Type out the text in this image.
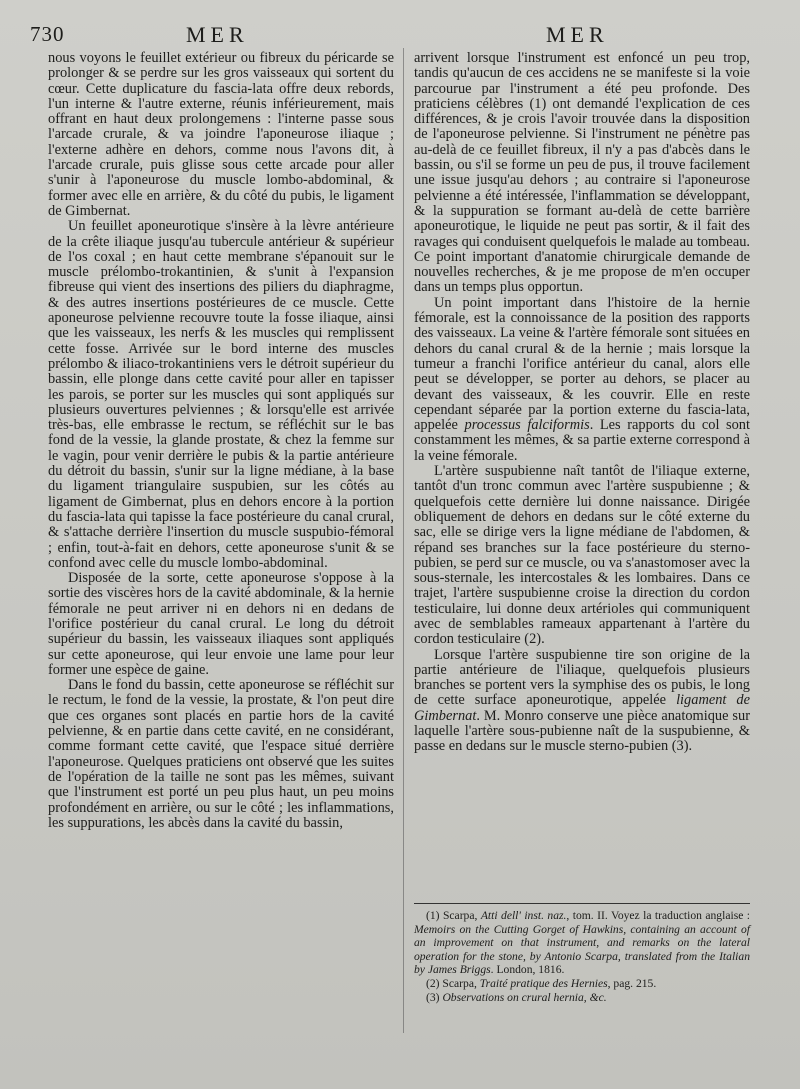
730	MER	MER

nous voyons le feuillet extérieur ou fibreux du péricarde se prolonger & se perdre sur les gros vaisseaux qui sortent du cœur. Cette duplicature du fascia-lata offre deux rebords, l'un interne & l'autre externe, réunis inférieurement, mais offrant en haut deux prolongemens : l'interne passe sous l'arcade crurale, & va joindre l'aponeurose iliaque ; l'externe adhère en dehors, comme nous l'avons dit, à l'arcade crurale, puis glisse sous cette arcade pour aller s'unir à l'aponeurose du muscle lombo-abdominal, & former avec elle en arrière, & du côté du pubis, le ligament de Gimbernat.

Un feuillet aponeurotique s'insère à la lèvre antérieure de la crête iliaque jusqu'au tubercule antérieur & supérieur de l'os coxal ; en haut cette membrane s'épanouit sur le muscle prélombo-trokantinien, & s'unit à l'expansion fibreuse qui vient des insertions des piliers du diaphragme, & des autres insertions postérieures de ce muscle. Cette aponeurose pelvienne recouvre toute la fosse iliaque, ainsi que les vaisseaux, les nerfs & les muscles qui remplissent cette fosse. Arrivée sur le bord interne des muscles prélombo & iliaco-trokantiniens vers le détroit supérieur du bassin, elle plonge dans cette cavité pour aller en tapisser les parois, se porter sur les muscles qui sont appliqués sur plusieurs ouvertures pelviennes ; & lorsqu'elle est arrivée très-bas, elle embrasse le rectum, se réfléchit sur le bas fond de la vessie, la glande prostate, & chez la femme sur le vagin, pour venir derrière le pubis & la partie antérieure du détroit du bassin, s'unir sur la ligne médiane, à la base du ligament triangulaire suspubien, sur les côtés au ligament de Gimbernat, plus en dehors encore à la portion du fascia-lata qui tapisse la face postérieure du canal crural, & s'attache derrière l'insertion du muscle suspubio-fémoral ; enfin, tout-à-fait en dehors, cette aponeurose s'unit & se confond avec celle du muscle lombo-abdominal.

Disposée de la sorte, cette aponeurose s'oppose à la sortie des viscères hors de la cavité abdominale, & la hernie fémorale ne peut arriver ni en dehors ni en dedans de l'orifice postérieur du canal crural. Le long du détroit supérieur du bassin, les vaisseaux iliaques sont appliqués sur cette aponeurose, qui leur envoie une lame pour leur former une espèce de gaine.

Dans le fond du bassin, cette aponeurose se réfléchit sur le rectum, le fond de la vessie, la prostate, & l'on peut dire que ces organes sont placés en partie hors de la cavité pelvienne, & en partie dans cette cavité, en ne considérant, comme formant cette cavité, que l'espace situé derrière l'aponeurose. Quelques praticiens ont observé que les suites de l'opération de la taille ne sont pas les mêmes, suivant que l'instrument est porté un peu plus haut, un peu moins profondément en arrière, ou sur le côté ; les inflammations, les suppurations, les abcès dans la cavité du bassin,

arrivent lorsque l'instrument est enfoncé un peu trop, tandis qu'aucun de ces accidens ne se manifeste si la voie parcourue par l'instrument a été peu profonde. Des praticiens célèbres (1) ont demandé l'explication de ces différences, & je crois l'avoir trouvée dans la disposition de l'aponeurose pelvienne. Si l'instrument ne pénètre pas au-delà de ce feuillet fibreux, il n'y a pas d'abcès dans le bassin, ou s'il se forme un peu de pus, il trouve facilement une issue jusqu'au dehors ; au contraire si l'aponeurose pelvienne a été intéressée, l'inflammation se développant, & la suppuration se formant au-delà de cette barrière aponeurotique, le liquide ne peut pas sortir, & il fait des ravages qui conduisent quelquefois le malade au tombeau. Ce point important d'anatomie chirurgicale demande de nouvelles recherches, & je me propose de m'en occuper dans un temps plus opportun.

Un point important dans l'histoire de la hernie fémorale, est la connoissance de la position des rapports des vaisseaux. La veine & l'artère fémorale sont situées en dehors du canal crural & de la hernie ; mais lorsque la tumeur a franchi l'orifice antérieur du canal, alors elle peut se développer, se porter au dehors, se placer au devant des vaisseaux, & les couvrir. Elle en reste cependant séparée par la portion externe du fascia-lata, appelée processus falciformis. Les rapports du col sont constamment les mêmes, & sa partie externe correspond à la veine fémorale.

L'artère suspubienne naît tantôt de l'iliaque externe, tantôt d'un tronc commun avec l'artère suspubienne ; & quelquefois cette dernière lui donne naissance. Dirigée obliquement de dehors en dedans sur le côté externe du sac, elle se dirige vers la ligne médiane de l'abdomen, & répand ses branches sur la face postérieure du sterno-pubien, se perd sur ce muscle, ou va s'anastomoser avec la sous-sternale, les intercostales & les lombaires. Dans ce trajet, l'artère suspubienne croise la direction du cordon testiculaire, lui donne deux artérioles qui communiquent avec de semblables rameaux appartenant à l'artère du cordon testiculaire (2).

Lorsque l'artère suspubienne tire son origine de la partie antérieure de l'iliaque, quelquefois plusieurs branches se portent vers la symphise des os pubis, le long de cette surface aponeurotique, appelée ligament de Gimbernat. M. Monro conserve une pièce anatomique sur laquelle l'artère sous-pubienne naît de la suspubienne, & passe en dedans sur le muscle sterno-pubien (3).

(1) Scarpa, Atti dell' inst. naz., tom. II. Voyez la traduction anglaise : Memoirs on the Cutting Gorget of Hawkins, containing an account of an improvement on that instrument, and remarks on the lateral operation for the stone, by Antonio Scarpa, translated from the Italian by James Briggs. London, 1816.

(2) Scarpa, Traité pratique des Hernies, pag. 215.

(3) Observations on crural hernia, &c.
